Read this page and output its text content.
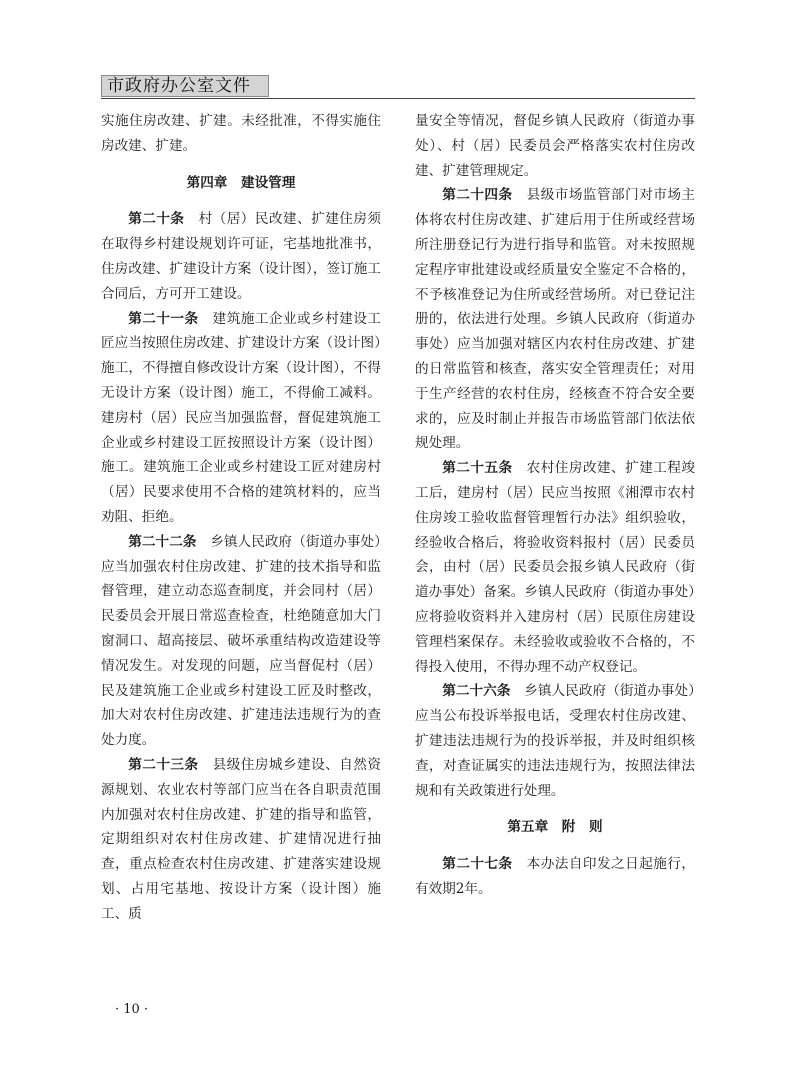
市政府办公室文件

实施住房改建、扩建。未经批准，不得实施住房改建、扩建。

第四章 建设管理

第二十条　 村（居）民改建、扩建住房须在取得乡村建设规划许可证，宅基地批准书，住房改建、扩建设计方案（设计图），签订施工合同后，方可开工建设。

第二十一条　 建筑施工企业或乡村建设工匠应当按照住房改建、扩建设计方案（设计图）施工，不得擅自修改设计方案（设计图），不得无设计方案（设计图）施工，不得偷工减料。建房村（居）民应当加强监督，督促建筑施工企业或乡村建设工匠按照设计方案（设计图）施工。建筑施工企业或乡村建设工匠对建房村（居）民要求使用不合格的建筑材料的，应当劝阻、拒绝。

第二十二条　 乡镇人民政府（街道办事处）应当加强农村住房改建、扩建的技术指导和监督管理，建立动态巡查制度，并会同村（居）民委员会开展日常巡查检查，杜绝随意加大门窗洞口、超高接层、破坏承重结构改造建设等情况发生。对发现的问题，应当督促村（居）民及建筑施工企业或乡村建设工匠及时整改，加大对农村住房改建、扩建违法违规行为的查处力度。

第二十三条　 县级住房城乡建设、自然资源规划、农业农村等部门应当在各自职责范围内加强对农村住房改建、扩建的指导和监管，定期组织对农村住房改建、扩建情况进行抽查，重点检查农村住房改建、扩建落实建设规划、占用宅基地、按设计方案（设计图）施工、质

量安全等情况，督促乡镇人民政府（街道办事处）、村（居）民委员会严格落实农村住房改建、扩建管理规定。

第二十四条　 县级市场监管部门对市场主体将农村住房改建、扩建后用于住所或经营场所注册登记行为进行指导和监管。对未按照规定程序审批建设或经质量安全鉴定不合格的，不予核准登记为住所或经营场所。对已登记注册的，依法进行处理。乡镇人民政府（街道办事处）应当加强对辖区内农村住房改建、扩建的日常监管和核查，落实安全管理责任；对用于生产经营的农村住房，经核查不符合安全要求的，应及时制止并报告市场监管部门依法依规处理。

第二十五条　 农村住房改建、扩建工程竣工后，建房村（居）民应当按照《湘潭市农村住房竣工验收监督管理暂行办法》组织验收，经验收合格后，将验收资料报村（居）民委员会，由村（居）民委员会报乡镇人民政府（街道办事处）备案。乡镇人民政府（街道办事处）应将验收资料并入建房村（居）民原住房建设管理档案保存。未经验收或验收不合格的，不得投入使用，不得办理不动产权登记。

第二十六条　 乡镇人民政府（街道办事处）应当公布投诉举报电话，受理农村住房改建、扩建违法违规行为的投诉举报，并及时组织核查，对查证属实的违法违规行为，按照法律法规和有关政策进行处理。

第五章 附　则

第二十七条　 本办法自印发之日起施行，有效期2年。

· 10 ·
